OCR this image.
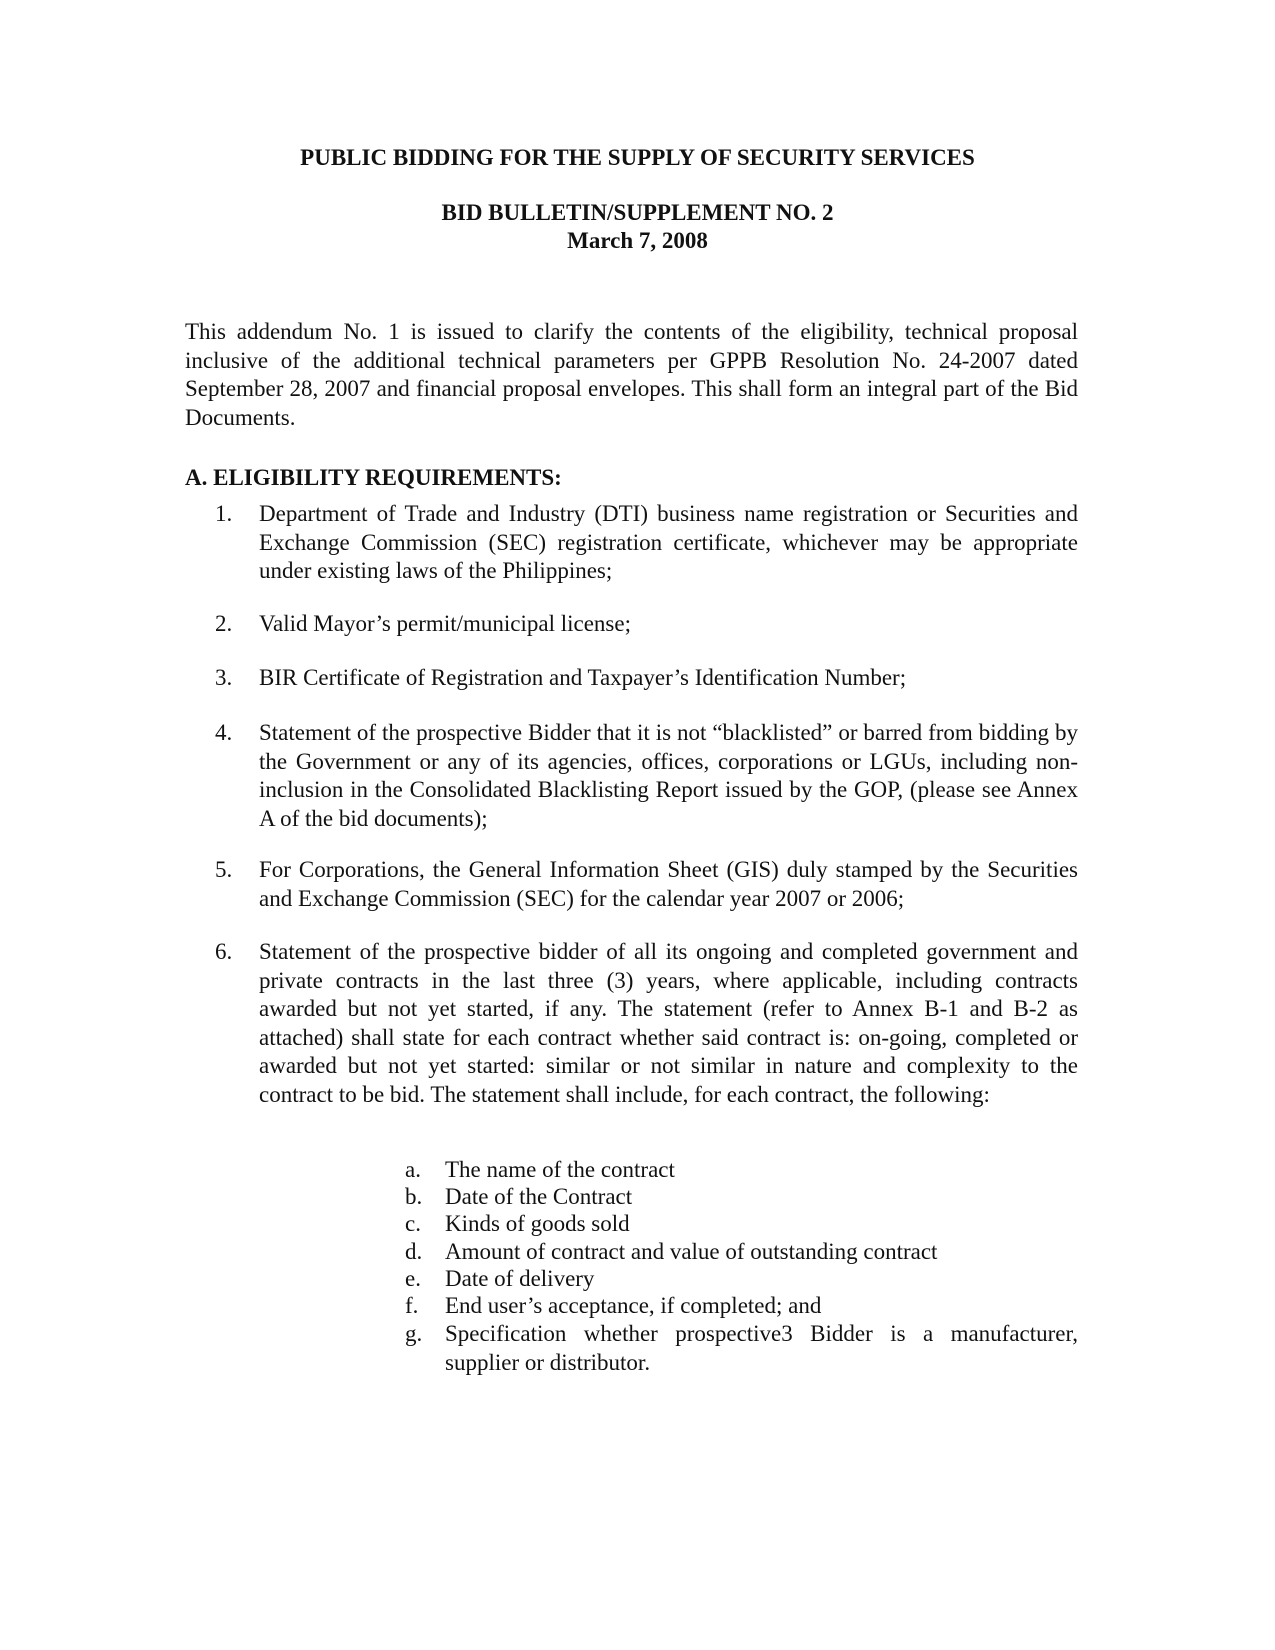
PUBLIC BIDDING FOR THE SUPPLY OF SECURITY SERVICES
BID BULLETIN/SUPPLEMENT NO. 2
March 7, 2008

This addendum No. 1 is issued to clarify the contents of the eligibility, technical proposal inclusive of the additional technical parameters per GPPB Resolution No. 24-2007 dated September 28, 2007 and financial proposal envelopes. This shall form an integral part of the Bid Documents.

A. ELIGIBILITY REQUIREMENTS:
1.	Department of Trade and Industry (DTI) business name registration or Securities and Exchange Commission (SEC) registration certificate, whichever may be appropriate under existing laws of the Philippines;
2.	Valid Mayor’s permit/municipal license;
3.	BIR Certificate of Registration and Taxpayer’s Identification Number;
4.	Statement of the prospective Bidder that it is not “blacklisted” or barred from bidding by the Government or any of its agencies, offices, corporations or LGUs, including non-inclusion in the Consolidated Blacklisting Report issued by the GOP, (please see Annex A of the bid documents);
5.	For Corporations, the General Information Sheet (GIS) duly stamped by the Securities and Exchange Commission (SEC) for the calendar year 2007 or 2006;
6.	Statement of the prospective bidder of all its ongoing and completed government and private contracts in the last three (3) years, where applicable, including contracts awarded but not yet started, if any. The statement (refer to Annex B-1 and B-2 as attached) shall state for each contract whether said contract is: on-going, completed or awarded but not yet started: similar or not similar in nature and complexity to the contract to be bid. The statement shall include, for each contract, the following:
a.	The name of the contract
b. Date of the Contract
c.	Kinds of goods sold
d. Amount of contract and value of outstanding contract
e.	Date of delivery
f.	End user’s acceptance, if completed; and
g. Specification whether prospective3 Bidder is a manufacturer, supplier or distributor.
